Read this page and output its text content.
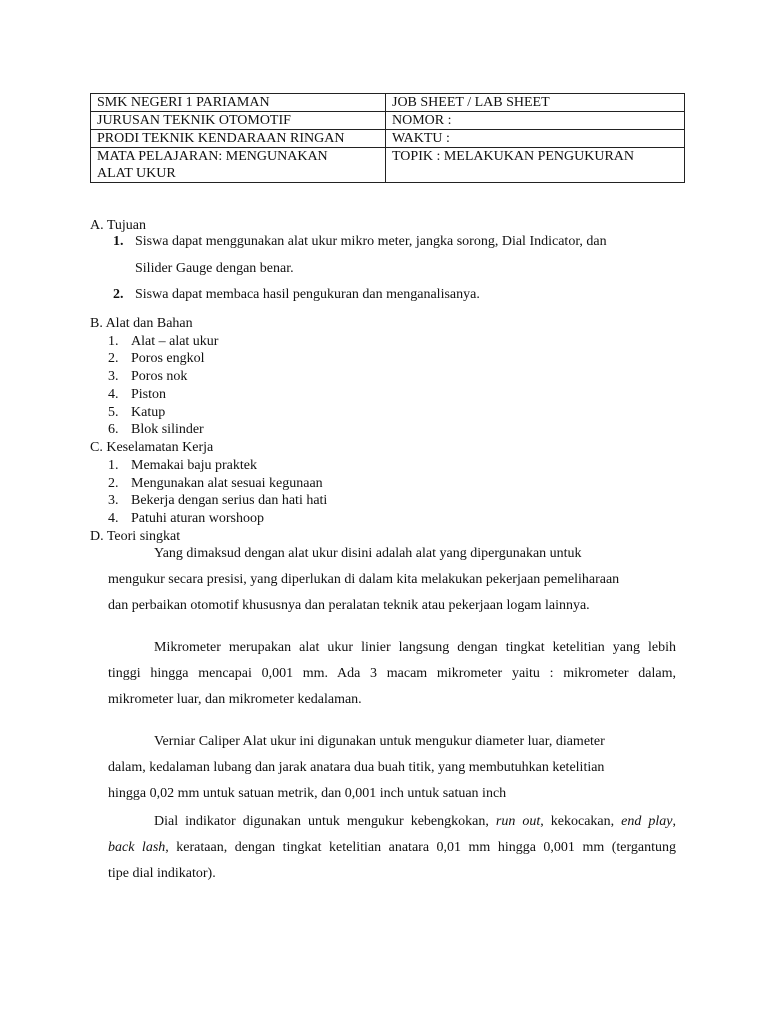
SMK NEGERI 1 PARIAMAN	JOB SHEET / LAB SHEET
JURUSAN TEKNIK OTOMOTIF	NOMOR :
PRODI TEKNIK KENDARAAN RINGAN	WAKTU :
MATA PELAJARAN: MENGUNAKAN
ALAT UKUR	TOPIK : MELAKUKAN PENGUKURAN
A. Tujuan
1. Siswa dapat menggunakan alat ukur mikro meter, jangka sorong, Dial Indicator, dan
Silider Gauge dengan benar.
2. Siswa dapat membaca hasil pengukuran dan menganalisanya.
B. Alat dan Bahan
1. Alat – alat ukur
2. Poros engkol
3. Poros nok
4. Piston
5. Katup
6. Blok silinder
C. Keselamatan Kerja
1. Memakai baju praktek
2. Mengunakan alat sesuai kegunaan
3. Bekerja dengan serius dan hati hati
4. Patuhi aturan worshoop
D. Teori singkat
Yang dimaksud dengan alat ukur disini adalah alat yang dipergunakan untuk
mengukur secara presisi, yang diperlukan di dalam kita melakukan pekerjaan pemeliharaan
dan perbaikan otomotif khususnya dan peralatan teknik atau pekerjaan logam lainnya.
Mikrometer merupakan alat ukur linier langsung dengan tingkat ketelitian yang lebih
tinggi hingga mencapai 0,001 mm. Ada 3 macam mikrometer yaitu : mikrometer dalam,
mikrometer luar, dan mikrometer kedalaman.
Verniar Caliper Alat ukur ini digunakan untuk mengukur diameter luar, diameter
dalam, kedalaman lubang dan jarak anatara dua buah titik, yang membutuhkan ketelitian
hingga 0,02 mm untuk satuan metrik, dan 0,001 inch untuk satuan inch
Dial indikator digunakan untuk mengukur kebengkokan, run out, kekocakan, end play,
back lash, kerataan, dengan tingkat ketelitian anatara 0,01 mm hingga 0,001 mm (tergantung
tipe dial indikator).
